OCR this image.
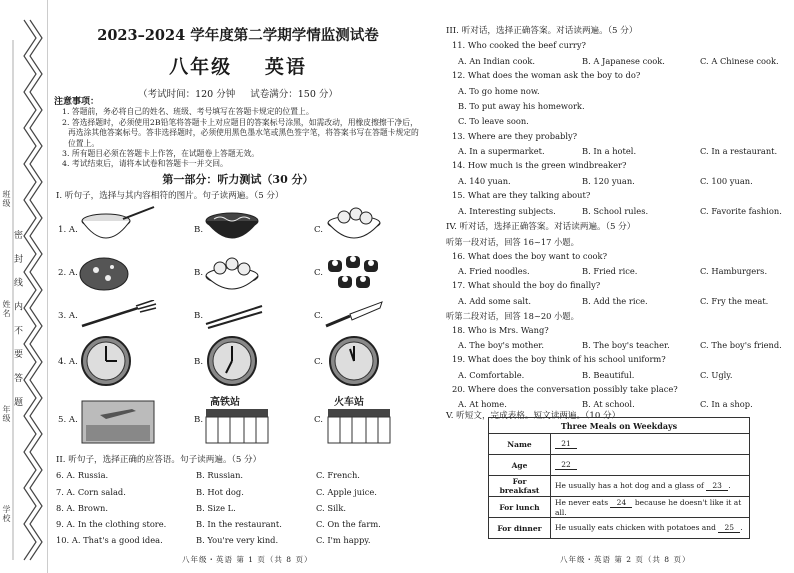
学校
年级
班级
姓名 密 封 线 内 不 要 答 题
2023–2024 学年度第二学期学情监测试卷
八年级 英语
（考试时间：120 分钟 试卷满分：150 分）
注意事项：

1. 答题前，务必将自己的姓名、班级、考号填写在答题卡规定的位置上。

2. 答选择题时，必须使用2B铅笔将答题卡上对应题目的答案标号涂黑，如需改动，用橡皮擦擦干净后，再选涂其他答案标号。答非选择题时，必须使用黑色墨水笔或黑色签字笔，将答案书写在答题卡规定的位置上。

3. 所有题目必须在答题卡上作答，在试题卷上答题无效。

4. 考试结束后，请将本试卷和答题卡一并交回。

第一部分：听力测试（30 分）
I. 听句子，选择与其内容相符的图片。句子读两遍。（5 分）
1. A.	B.	C.
2. A.	B.	C.
3. A.	B.	C.
4. A.	B.	C.
5. A.	B.
高铁站
C.
火车站
II. 听句子，选择正确的应答语。句子读两遍。（5 分）
6. A. Russia.	B. Russian.	C. French.
7. A. Corn salad.	B. Hot dog.	C. Apple juice.
8. A. Brown.	B. Size L.	C. Silk.
9. A. In the clothing store.	B. In the restaurant.	C. On the farm.
10. A. That's a good idea.	B. You're very kind.	C. I'm happy.
八年级・英语 第 1 页（共 8 页）
III. 听对话，选择正确答案。对话读两遍。（5 分）
11. Who cooked the beef curry?
A. An Indian cook.	B. A Japanese cook.	C. A Chinese cook.
12. What does the woman ask the boy to do?
A. To go home now.
B. To put away his homework.
C. To leave soon.
13. Where are they probably?
A. In a supermarket.	B. In a hotel.	C. In a restaurant.
14. How much is the green windbreaker?
A. 140 yuan.	B. 120 yuan.	C. 100 yuan.
15. What are they talking about?
A. Interesting subjects.	B. School rules.	C. Favorite fashion.
IV. 听对话，选择正确答案。对话读两遍。（5 分）
听第一段对话，回答 16~17 小题。
16. What does the boy want to cook?
A. Fried noodles.	B. Fried rice.	C. Hamburgers.
17. What should the boy do finally?
A. Add some salt.	B. Add the rice.	C. Fry the meat.
听第二段对话，回答 18~20 小题。
18. Who is Mrs. Wang?
A. The boy's mother.	B. The boy's teacher.	C. The boy's friend.
19. What does the boy think of his school uniform?
A. Comfortable.	B. Beautiful.	C. Ugly.
20. Where does the conversation possibly take place?
A. At home.	B. At school.	C. In a shop.
V. 听短文，完成表格。短文读两遍。（10 分）
Three Meals on Weekdays	
Name	21
Age	22
For breakfast	He usually has a hot dog and a glass of 23 .
For lunch	He never eats 24 because he doesn't like it at all.
For dinner	He usually eats chicken with potatoes and 25 .
八年级・英语 第 2 页（共 8 页）
